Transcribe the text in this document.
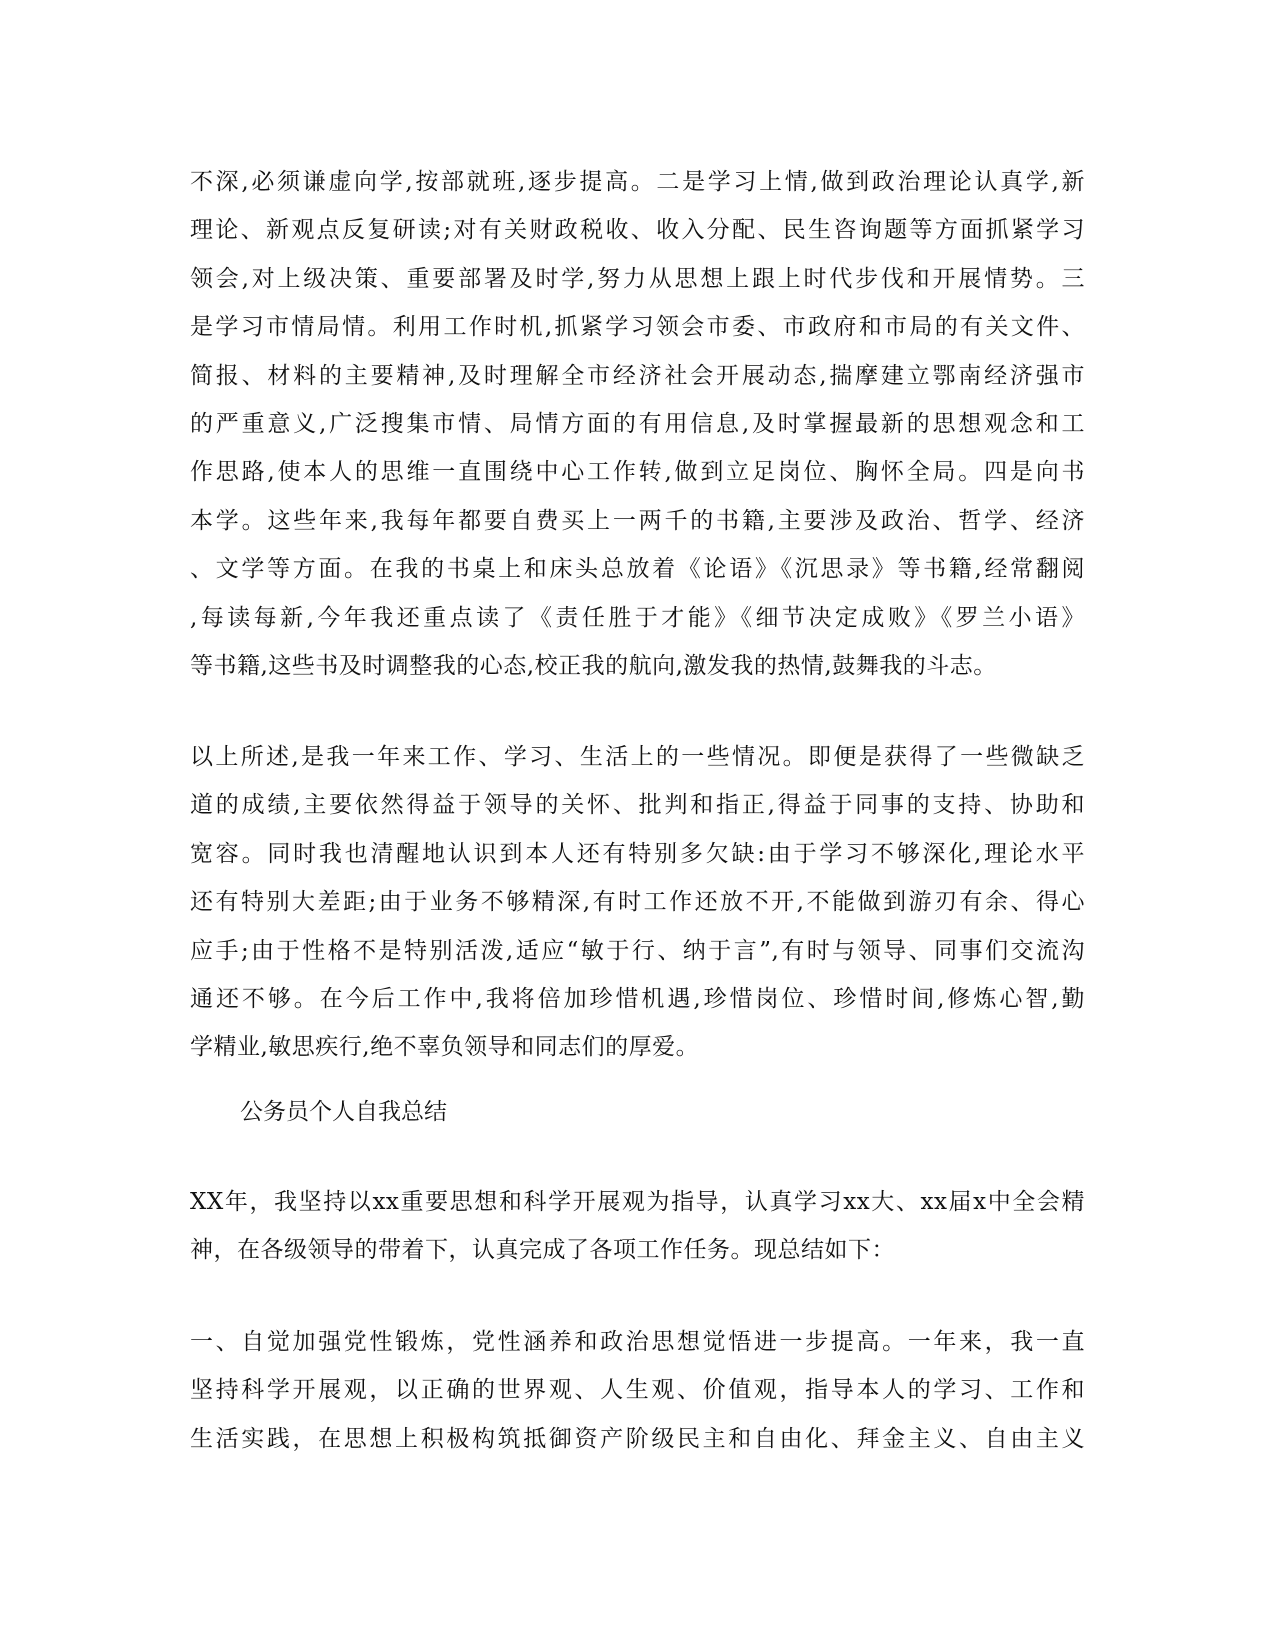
不深,必须谦虚向学,按部就班,逐步提高。二是学习上情,做到政治理论认真学,新
理论、新观点反复研读;对有关财政税收、收入分配、民生咨询题等方面抓紧学习
领会,对上级决策、重要部署及时学,努力从思想上跟上时代步伐和开展情势。三
是学习市情局情。利用工作时机,抓紧学习领会市委、市政府和市局的有关文件、
简报、材料的主要精神,及时理解全市经济社会开展动态,揣摩建立鄂南经济强市
的严重意义,广泛搜集市情、局情方面的有用信息,及时掌握最新的思想观念和工
作思路,使本人的思维一直围绕中心工作转,做到立足岗位、胸怀全局。四是向书
本学。这些年来,我每年都要自费买上一两千的书籍,主要涉及政治、哲学、经济
、文学等方面。在我的书桌上和床头总放着《论语》《沉思录》等书籍,经常翻阅
,每读每新,今年我还重点读了《责任胜于才能》《细节决定成败》《罗兰小语》
等书籍,这些书及时调整我的心态,校正我的航向,激发我的热情,鼓舞我的斗志。
以上所述,是我一年来工作、学习、生活上的一些情况。即便是获得了一些微缺乏
道的成绩,主要依然得益于领导的关怀、批判和指正,得益于同事的支持、协助和
宽容。同时我也清醒地认识到本人还有特别多欠缺:由于学习不够深化,理论水平
还有特别大差距;由于业务不够精深,有时工作还放不开,不能做到游刃有余、得心
应手;由于性格不是特别活泼,适应“敏于行、纳于言”,有时与领导、同事们交流沟
通还不够。在今后工作中,我将倍加珍惜机遇,珍惜岗位、珍惜时间,修炼心智,勤
学精业,敏思疾行,绝不辜负领导和同志们的厚爱。
公务员个人自我总结
XX年，我坚持以xx重要思想和科学开展观为指导，认真学习xx大、xx届x中全会精
神，在各级领导的带着下，认真完成了各项工作任务。现总结如下：
一、自觉加强党性锻炼，党性涵养和政治思想觉悟进一步提高。一年来，我一直
坚持科学开展观，以正确的世界观、人生观、价值观，指导本人的学习、工作和
生活实践，在思想上积极构筑抵御资产阶级民主和自由化、拜金主义、自由主义
